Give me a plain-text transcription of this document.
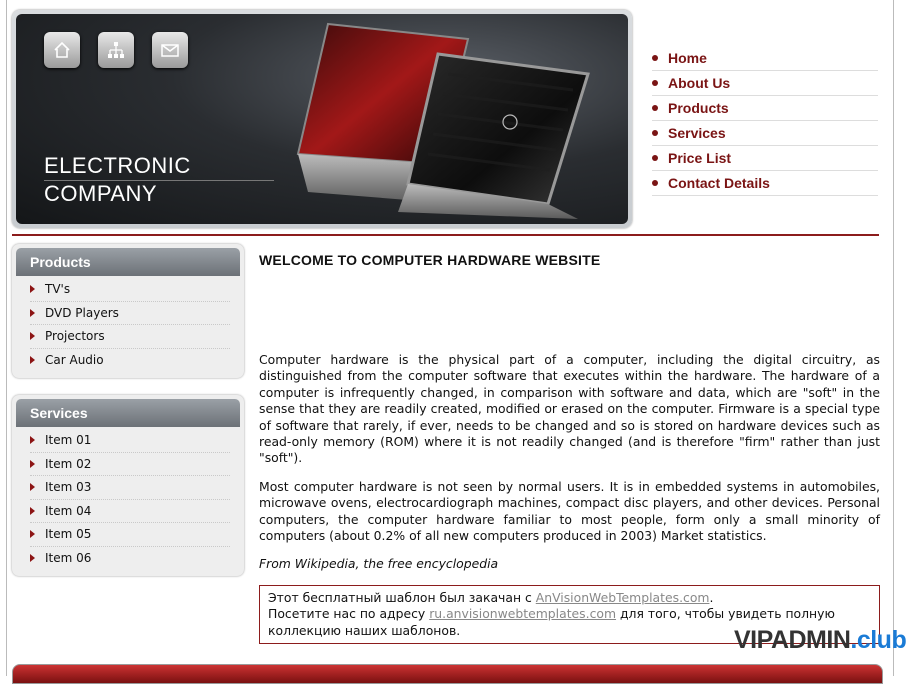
ELECTRONIC
COMPANY
Home
About Us
Products
Services
Price List
Contact Details
Products
TV's
DVD Players
Projectors
Car Audio
Services
Item 01
Item 02
Item 03
Item 04
Item 05
Item 06
WELCOME TO COMPUTER HARDWARE WEBSITE

Computer hardware is the physical part of a computer, including the digital circuitry, as distinguished from the computer software that executes within the hardware. The hardware of a computer is infrequently changed, in comparison with software and data, which are "soft" in the sense that they are readily created, modified or erased on the computer. Firmware is a special type of software that rarely, if ever, needs to be changed and so is stored on hardware devices such as read-only memory (ROM) where it is not readily changed (and is therefore "firm" rather than just "soft").

Most computer hardware is not seen by normal users. It is in embedded systems in automobiles, microwave ovens, electrocardiograph machines, compact disc players, and other devices. Personal computers, the computer hardware familiar to most people, form only a small minority of computers (about 0.2% of all new computers produced in 2003) Market statistics.

From Wikipedia, the free encyclopedia

Этот бесплатный шаблон был закачан с AnVisionWebTemplates.com.
Посетите нас по адресу ru.anvisionwebtemplates.com для того, чтобы увидеть полную коллекцию наших шаблонов.	VIPADMIN.club
